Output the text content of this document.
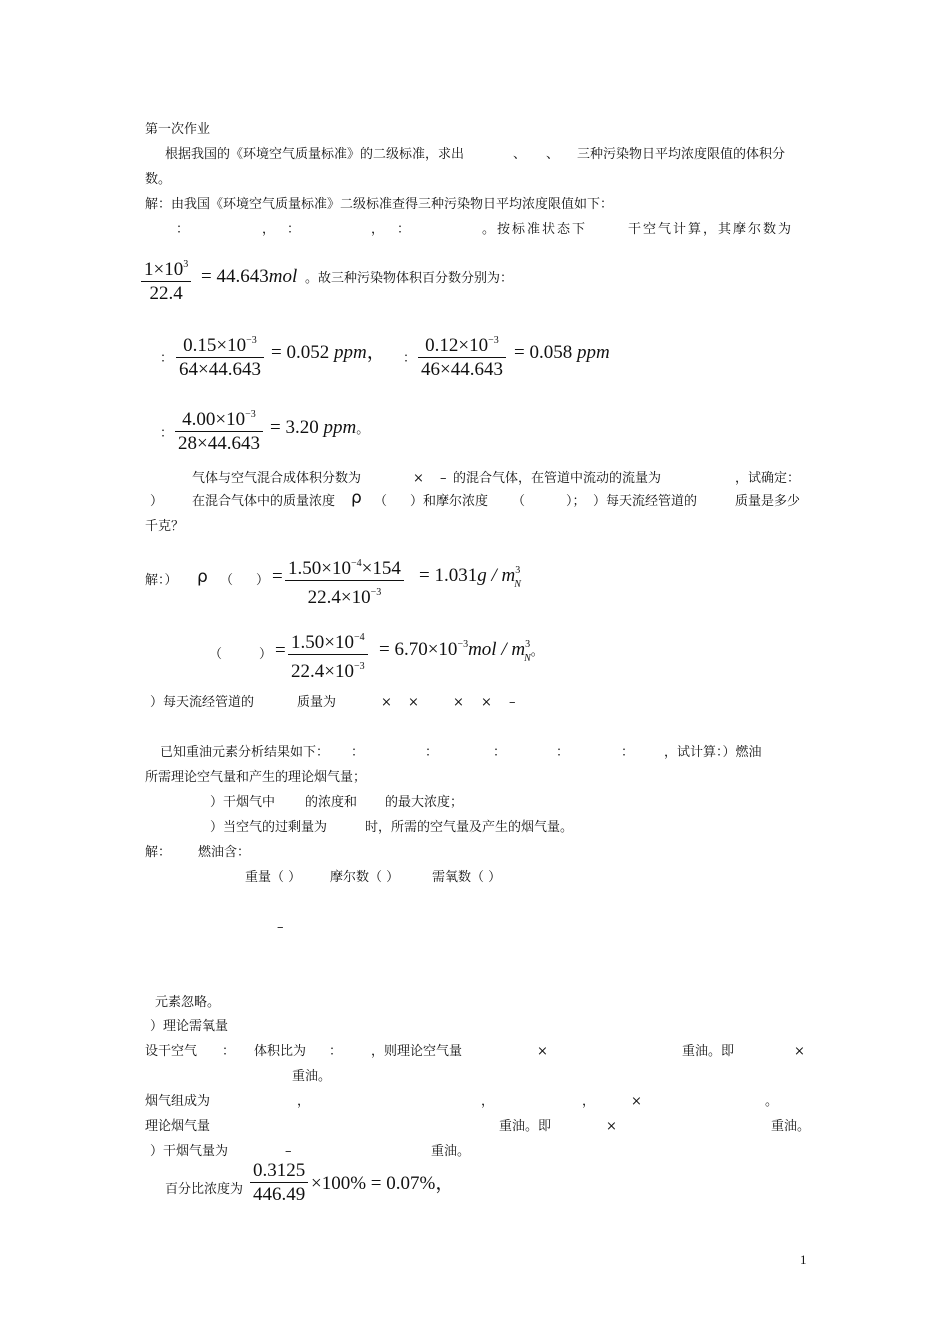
第一次作业
根据我国的《环境空气质量标准》的二级标准，求出	、 、 三种污染物日平均浓度限值的体积分
数。
解：由我国《环境空气质量标准》二级标准查得三种污染物日平均浓度限值如下：
：	， ：	， ：	。按标准状态下	干空气计算，其摩尔数为
$\frac{1\times 10^3}{22.4} = 44.643mol$ 。故三种污染物体积百分数分别为：
： $\frac{0.15\times 10^{-3}}{64\times 44.643} = 0.052$ ppm， ： $\frac{0.12\times 10^{-3}}{46\times 44.643} = 0.058$ ppm
： $\frac{4.00\times 10^{-3}}{28\times 44.643} = 3.20$ ppm。
气体与空气混合成体积分数为	× – 的混合气体，在管道中流动的流量为	，试确定：
） 在混合气体中的质量浓度 ρ （ ）和摩尔浓度 （	）； ）每天流经管道的	质量是多少
千克？
解：） ρ （ ） = $\frac{1.50\times 10^{-4}\times 154}{22.4\times 10^{-3}} = 1.031g / m^3_N$
（	） = $\frac{1.50\times 10^{-4}}{22.4\times 10^{-3}} = 6.70\times 10^{-3}mol / m^3_N$。
）每天流经管道的	质量为	× ×	× × –
已知重油元素分析结果如下： ：	：	：	：	： ，试计算：）燃油
所需理论空气量和产生的理论烟气量；
）干烟气中 的浓度和 的最大浓度；
）当空气的过剩量为	时，所需的空气量及产生的烟气量。
解： 燃油含：
重量（ ） 摩尔数（ ）	需氧数（ ）
–
元素忽略。
）理论需氧量
设干空气 ： 体积比为 ： ，则理论空气量	×	重油。即	×
重油。
烟气组成为	，	，	，	×	。
理论烟气量	重油。即	×	重油。
）干烟气量为	–	重油。
百分比浓度为 $\frac{0.3125}{446.49} \times 100\% = 0.07\%$，
1
